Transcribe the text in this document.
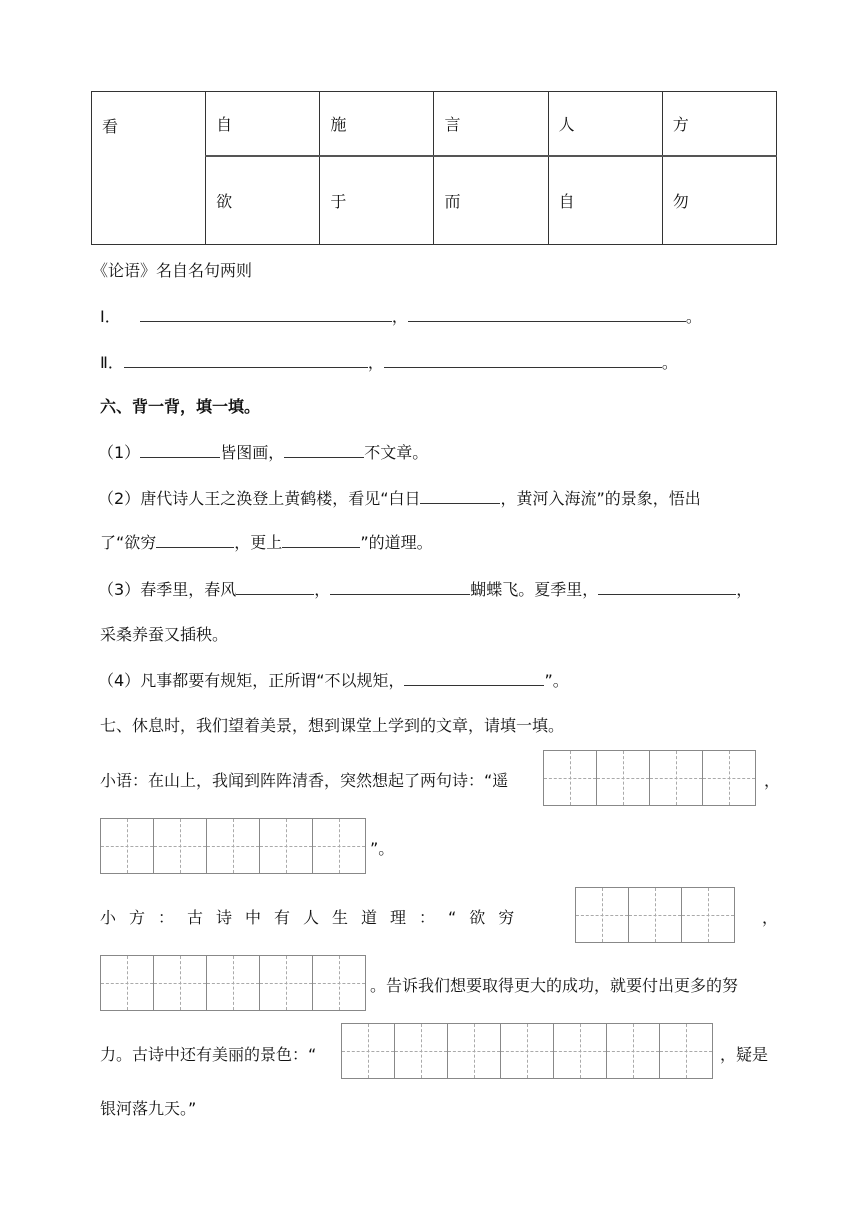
看	自	施	言	人	方
	欲	于	而	自	勿
《论语》名自名句两则
Ⅰ．	，	。
Ⅱ．	，	。
六、背一背，填一填。
（1）	皆图画，	不文章。
（2）唐代诗人王之涣登上黄鹤楼，看见“白日	，黄河入海流”的景象，悟出
了“欲穷	，更上	”的道理。
（3）春季里，春风	，	蝴蝶飞。夏季里，	，
采桑养蚕又插秧。
（4）凡事都要有规矩，正所谓“不以规矩，	”。
七、休息时，我们望着美景，想到课堂上学到的文章，请填一填。
小语：在山上，我闻到阵阵清香，突然想起了两句诗：“遥	，
”。
小方：古诗中有人生道理：“欲穷	，
。告诉我们想要取得更大的成功，就要付出更多的努
力。古诗中还有美丽的景色：“	，疑是
银河落九天。”
